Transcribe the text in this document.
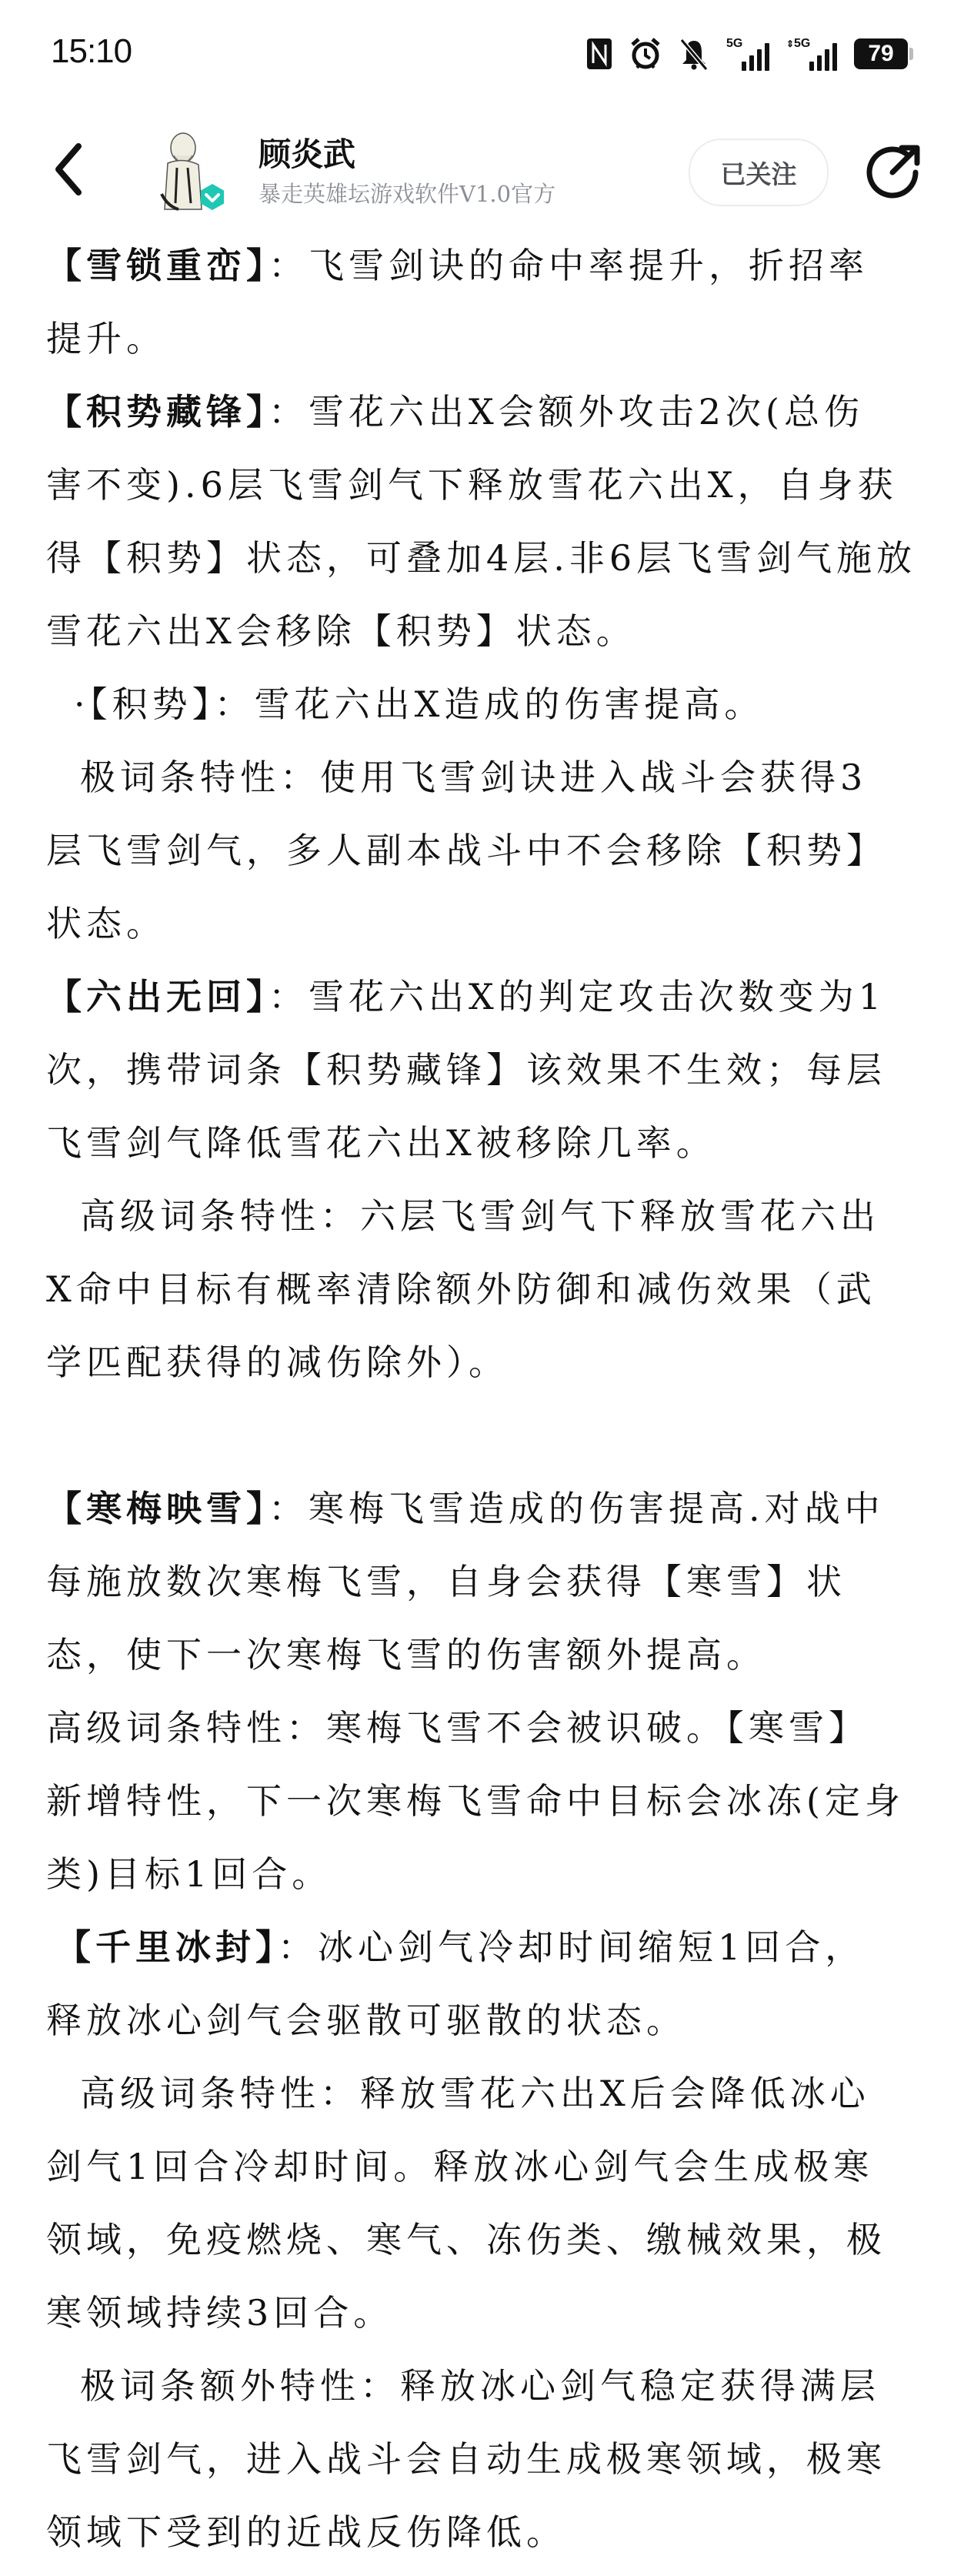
15:10	5G	5G
⇕	79
顾炎武
暴走英雄坛游戏软件V1.0官方
已关注
【雪锁重峦】：飞雪剑诀的命中率提升，折招率
提升。
【积势藏锋】：雪花六出X会额外攻击2次(总伤
害不变).6层飞雪剑气下释放雪花六出X，自身获
得【积势】状态，可叠加4层.非6层飞雪剑气施放
雪花六出X会移除【积势】状态。
·【积势】：雪花六出X造成的伤害提高。
极词条特性：使用飞雪剑诀进入战斗会获得3
层飞雪剑气，多人副本战斗中不会移除【积势】
状态。
【六出无回】：雪花六出X的判定攻击次数变为1
次，携带词条【积势藏锋】该效果不生效；每层
飞雪剑气降低雪花六出X被移除几率。
高级词条特性：六层飞雪剑气下释放雪花六出
X命中目标有概率清除额外防御和减伤效果（武
学匹配获得的减伤除外）。
【寒梅映雪】：寒梅飞雪造成的伤害提高.对战中
每施放数次寒梅飞雪，自身会获得【寒雪】状
态，使下一次寒梅飞雪的伤害额外提高。
高级词条特性：寒梅飞雪不会被识破。【寒雪】
新增特性，下一次寒梅飞雪命中目标会冰冻(定身
类)目标1回合。
【千里冰封】：冰心剑气冷却时间缩短1回合，
释放冰心剑气会驱散可驱散的状态。
高级词条特性：释放雪花六出X后会降低冰心
剑气1回合冷却时间。释放冰心剑气会生成极寒
领域，免疫燃烧、寒气、冻伤类、缴械效果，极
寒领域持续3回合。
极词条额外特性：释放冰心剑气稳定获得满层
飞雪剑气，进入战斗会自动生成极寒领域，极寒
领域下受到的近战反伤降低。
